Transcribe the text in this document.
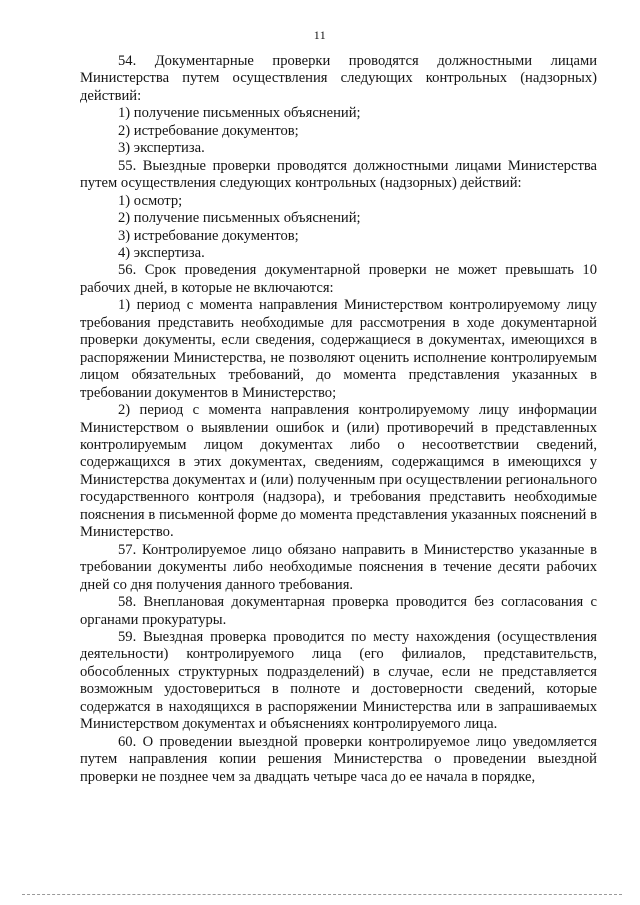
11

54. Документарные проверки проводятся должностными лицами Министерства путем осуществления следующих контрольных (надзорных) действий:

1) получение письменных объяснений;

2) истребование документов;

3) экспертиза.

55. Выездные проверки проводятся должностными лицами Министерства путем осуществления следующих контрольных (надзорных) действий:

1) осмотр;

2) получение письменных объяснений;

3) истребование документов;

4) экспертиза.

56. Срок проведения документарной проверки не может превышать 10 рабочих дней, в которые не включаются:

1) период с момента направления Министерством контролируемому лицу требования представить необходимые для рассмотрения в ходе документарной проверки документы, если сведения, содержащиеся в документах, имеющихся в распоряжении Министерства, не позволяют оценить исполнение контролируемым лицом обязательных требований, до момента представления указанных в требовании документов в Министерство;

2) период с момента направления контролируемому лицу информации Министерством о выявлении ошибок и (или) противоречий в представленных контролируемым лицом документах либо о несоответствии сведений, содержащихся в этих документах, сведениям, содержащимся в имеющихся у Министерства документах и (или) полученным при осуществлении регионального государственного контроля (надзора), и требования представить необходимые пояснения в письменной форме до момента представления указанных пояснений в Министерство.

57. Контролируемое лицо обязано направить в Министерство указанные в требовании документы либо необходимые пояснения в течение десяти рабочих дней со дня получения данного требования.

58. Внеплановая документарная проверка проводится без согласования с органами прокуратуры.

59. Выездная проверка проводится по месту нахождения (осуществления деятельности) контролируемого лица (его филиалов, представительств, обособленных структурных подразделений) в случае, если не представляется возможным удостовериться в полноте и достоверности сведений, которые содержатся в находящихся в распоряжении Министерства или в запрашиваемых Министерством документах и объяснениях контролируемого лица.

60. О проведении выездной проверки контролируемое лицо уведомляется путем направления копии решения Министерства о проведении выездной проверки не позднее чем за двадцать четыре часа до ее начала в порядке,
